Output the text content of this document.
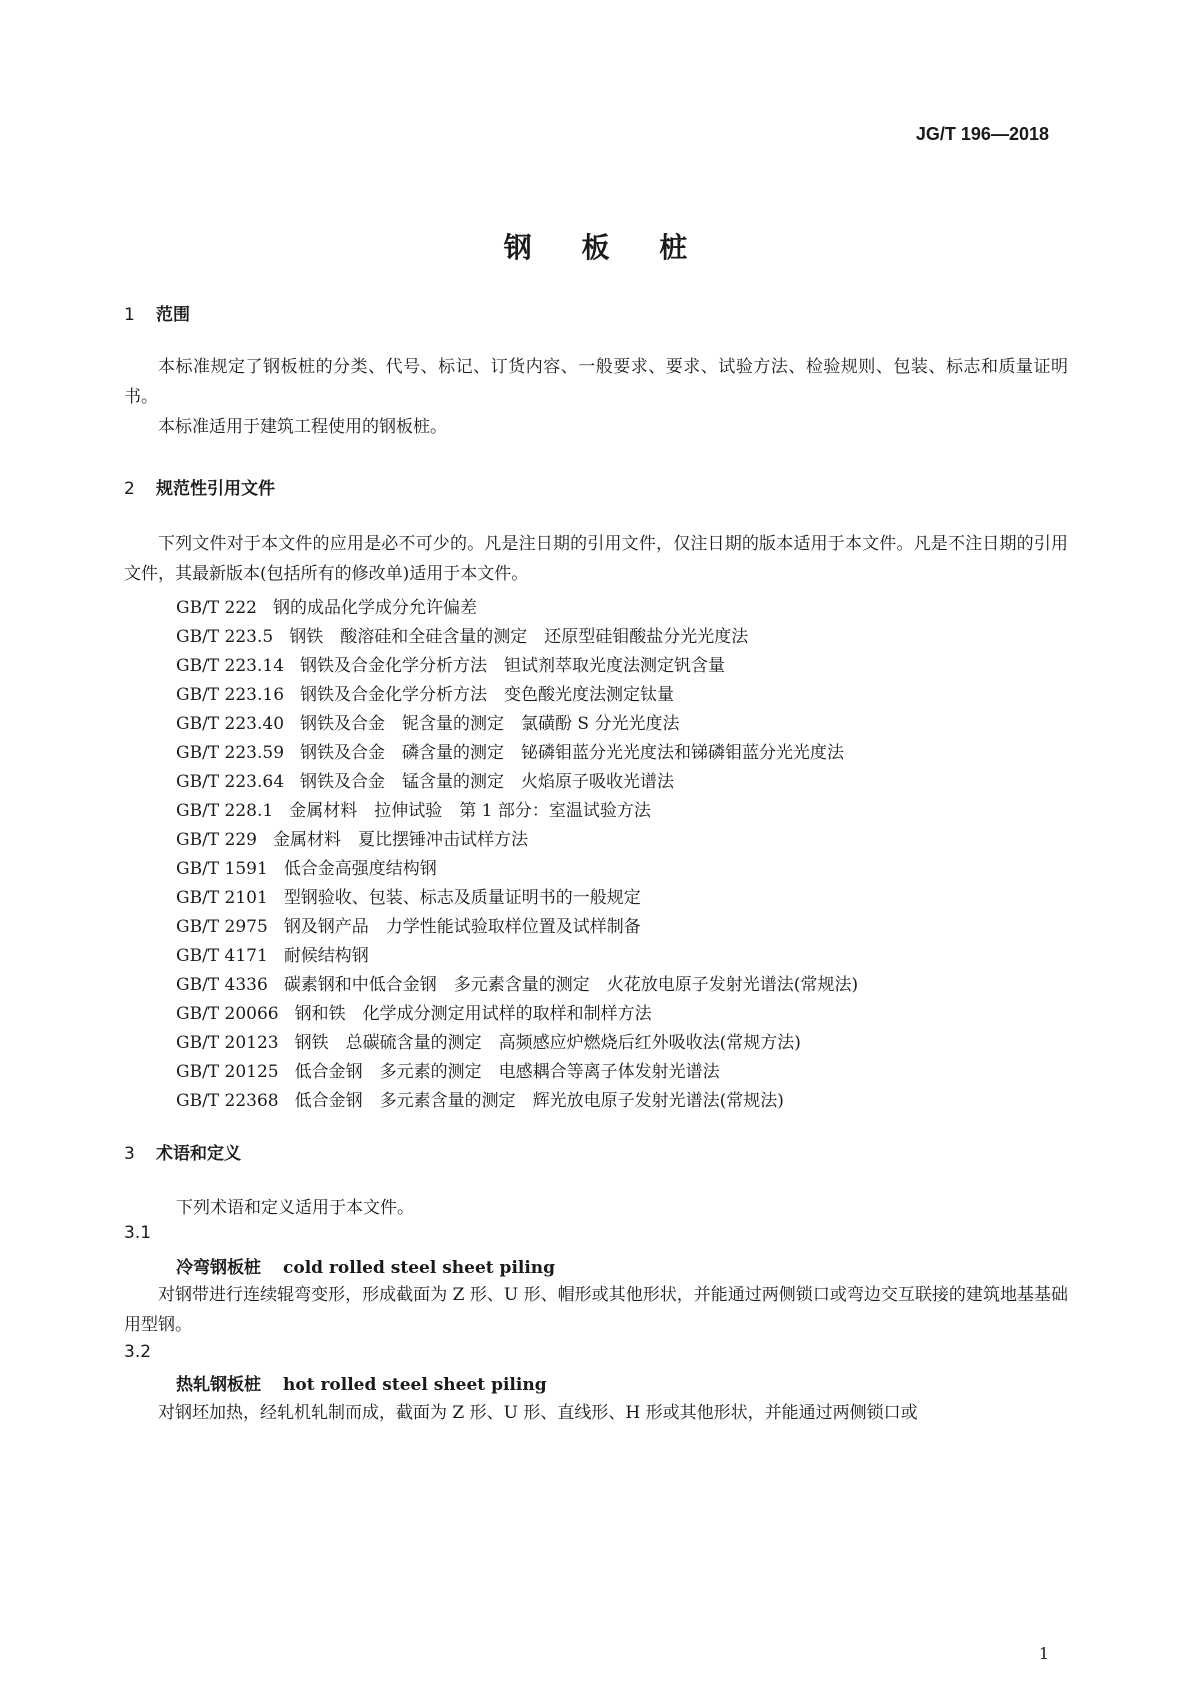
JG/T 196—2018
钢 板 桩
1 范围
本标准规定了钢板桩的分类、代号、标记、订货内容、一般要求、要求、试验方法、检验规则、包装、标志和质量证明书。
本标准适用于建筑工程使用的钢板桩。
2 规范性引用文件
下列文件对于本文件的应用是必不可少的。凡是注日期的引用文件，仅注日期的版本适用于本文件。凡是不注日期的引用文件，其最新版本(包括所有的修改单)适用于本文件。
GB/T 222 钢的成品化学成分允许偏差
GB/T 223.5 钢铁　酸溶硅和全硅含量的测定　还原型硅钼酸盐分光光度法
GB/T 223.14 钢铁及合金化学分析方法　钽试剂萃取光度法测定钒含量
GB/T 223.16 钢铁及合金化学分析方法　变色酸光度法测定钛量
GB/T 223.40 钢铁及合金　铌含量的测定　氯磺酚 S 分光光度法
GB/T 223.59 钢铁及合金　磷含量的测定　铋磷钼蓝分光光度法和锑磷钼蓝分光光度法
GB/T 223.64 钢铁及合金　锰含量的测定　火焰原子吸收光谱法
GB/T 228.1 金属材料　拉伸试验　第 1 部分：室温试验方法
GB/T 229 金属材料　夏比摆锤冲击试样方法
GB/T 1591 低合金高强度结构钢
GB/T 2101 型钢验收、包装、标志及质量证明书的一般规定
GB/T 2975 钢及钢产品　力学性能试验取样位置及试样制备
GB/T 4171 耐候结构钢
GB/T 4336 碳素钢和中低合金钢　多元素含量的测定　火花放电原子发射光谱法(常规法)
GB/T 20066 钢和铁　化学成分测定用试样的取样和制样方法
GB/T 20123 钢铁　总碳硫含量的测定　高频感应炉燃烧后红外吸收法(常规方法)
GB/T 20125 低合金钢　多元素的测定　电感耦合等离子体发射光谱法
GB/T 22368 低合金钢　多元素含量的测定　辉光放电原子发射光谱法(常规法)
3 术语和定义
下列术语和定义适用于本文件。
3.1
冷弯钢板桩 cold rolled steel sheet piling
对钢带进行连续辊弯变形，形成截面为 Z 形、U 形、帽形或其他形状，并能通过两侧锁口或弯边交互联接的建筑地基基础用型钢。
3.2
热轧钢板桩 hot rolled steel sheet piling
对钢坯加热，经轧机轧制而成，截面为 Z 形、U 形、直线形、H 形或其他形状，并能通过两侧锁口或
1
